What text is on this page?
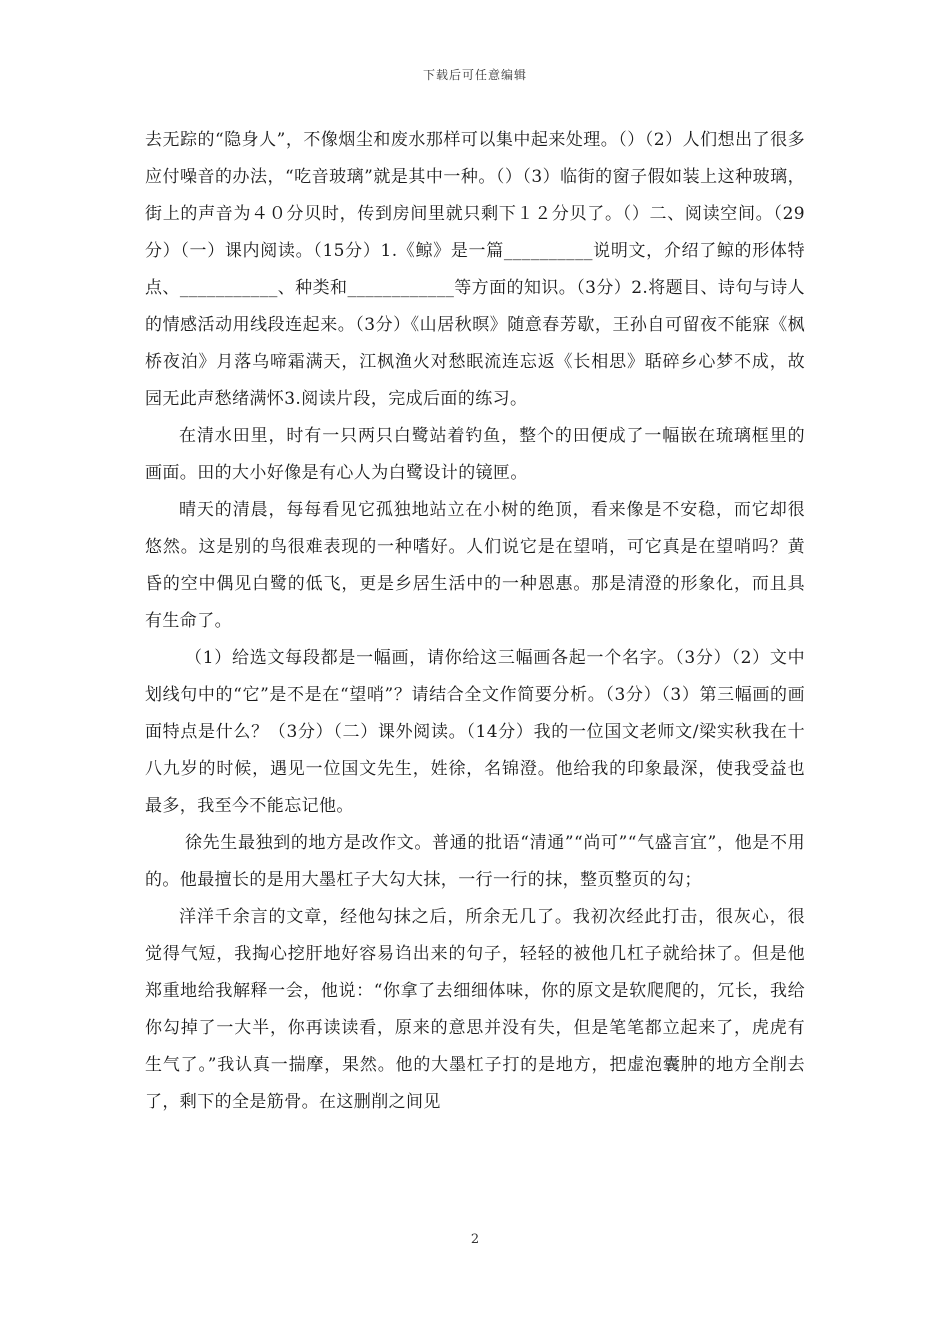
下载后可任意编辑

去无踪的“隐身人”，不像烟尘和废水那样可以集中起来处理。（）（2）人们想出了很多应付噪音的办法，“吃音玻璃”就是其中一种。（）（3）临街的窗子假如装上这种玻璃，街上的声音为４０分贝时，传到房间里就只剩下１２分贝了。（）二、阅读空间。（29分）（一）课内阅读。（15分）1.《鲸》是一篇__________说明文，介绍了鲸的形体特点、___________、种类和____________等方面的知识。（3分）2.将题目、诗句与诗人的情感活动用线段连起来。（3分）《山居秋暝》随意春芳歇，王孙自可留夜不能寐《枫桥夜泊》月落乌啼霜满天，江枫渔火对愁眠流连忘返《长相思》聒碎乡心梦不成，故园无此声愁绪满怀3.阅读片段，完成后面的练习。

在清水田里，时有一只两只白鹭站着钓鱼，整个的田便成了一幅嵌在琉璃框里的画面。田的大小好像是有心人为白鹭设计的镜匣。

晴天的清晨，每每看见它孤独地站立在小树的绝顶，看来像是不安稳，而它却很悠然。这是别的鸟很难表现的一种嗜好。人们说它是在望哨，可它真是在望哨吗？黄昏的空中偶见白鹭的低飞，更是乡居生活中的一种恩惠。那是清澄的形象化，而且具有生命了。

（1）给选文每段都是一幅画，请你给这三幅画各起一个名字。（3分）（2）文中划线句中的“它”是不是在“望哨”？请结合全文作简要分析。（3分）（3）第三幅画的画面特点是什么？（3分）（二）课外阅读。（14分）我的一位国文老师文/梁实秋我在十八九岁的时候，遇见一位国文先生，姓徐，名锦澄。他给我的印象最深，使我受益也最多，我至今不能忘记他。

徐先生最独到的地方是改作文。普通的批语“清通”“尚可”“气盛言宜”，他是不用的。他最擅长的是用大墨杠子大勾大抹，一行一行的抹，整页整页的勾；

洋洋千余言的文章，经他勾抹之后，所余无几了。我初次经此打击，很灰心，很觉得气短，我掏心挖肝地好容易诌出来的句子，轻轻的被他几杠子就给抹了。但是他郑重地给我解释一会，他说：“你拿了去细细体味，你的原文是软爬爬的，冗长，我给你勾掉了一大半，你再读读看，原来的意思并没有失，但是笔笔都立起来了，虎虎有生气了。”我认真一揣摩，果然。他的大墨杠子打的是地方，把虚泡囊肿的地方全削去了，剩下的全是筋骨。在这删削之间见

2
